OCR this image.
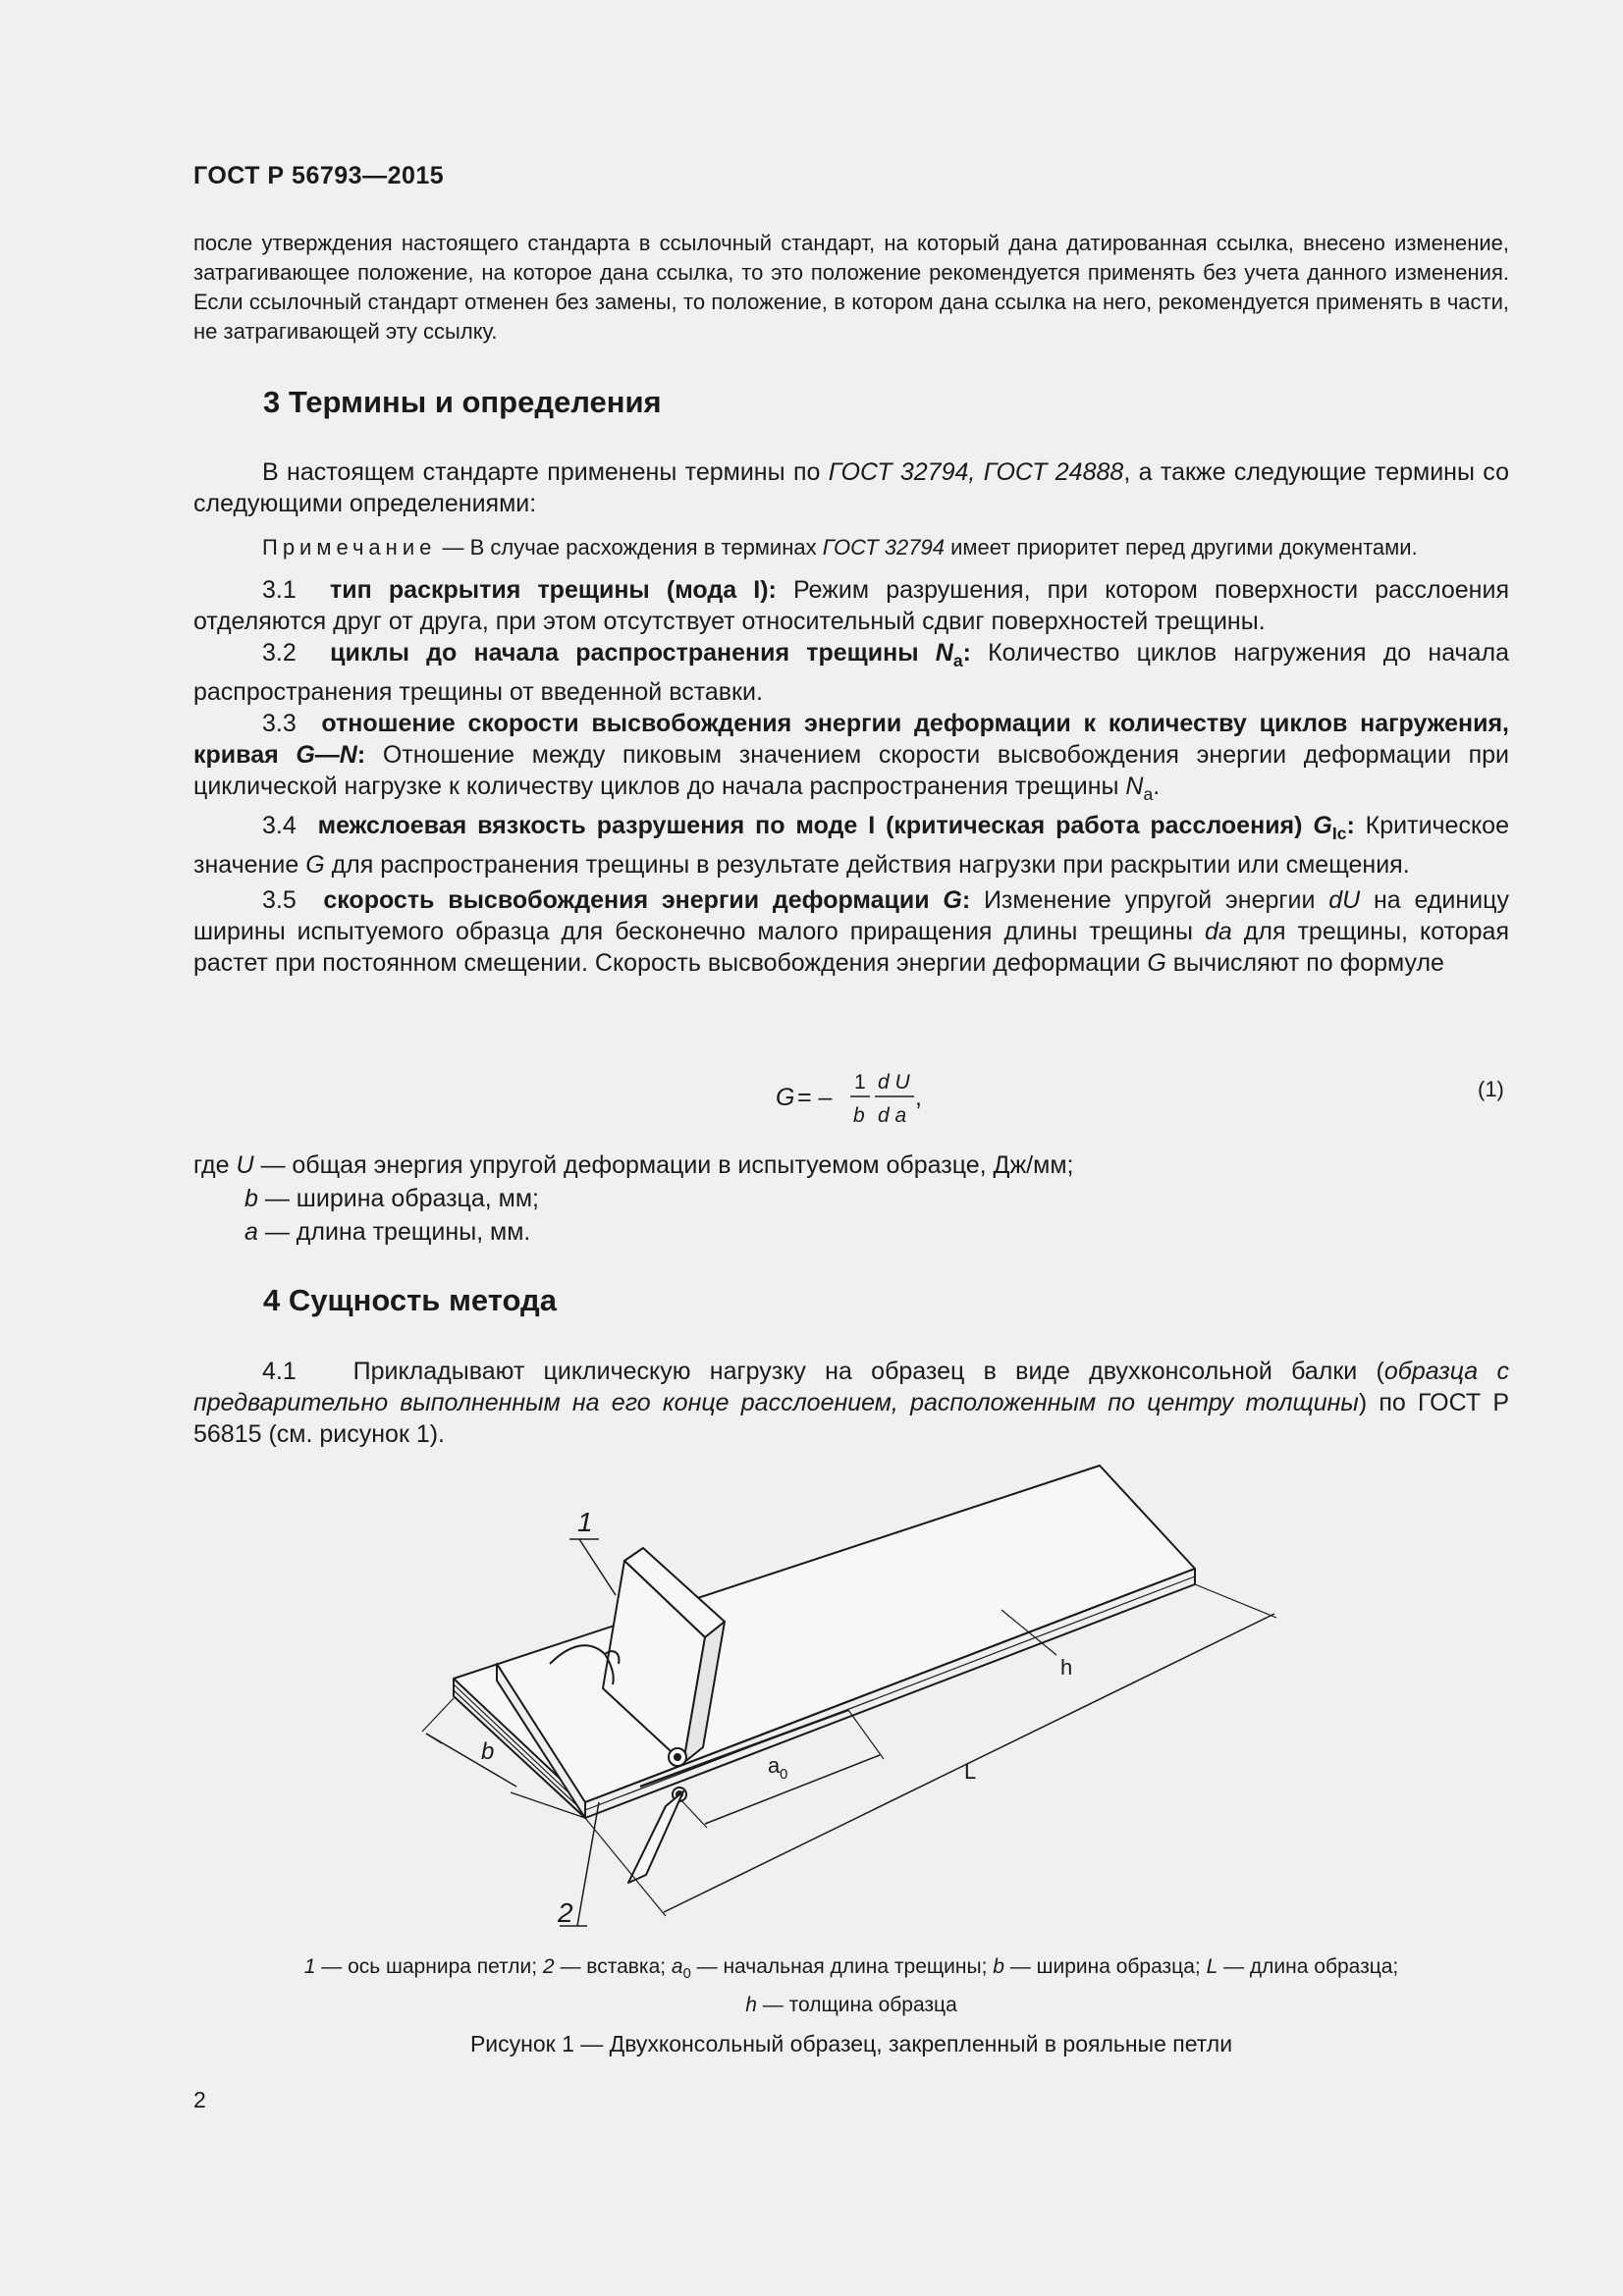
ГОСТ Р 56793—2015

после утверждения настоящего стандарта в ссылочный стандарт, на который дана датированная ссылка, внесено изменение, затрагивающее положение, на которое дана ссылка, то это положение рекомендуется применять без учета данного изменения. Если ссылочный стандарт отменен без замены, то положение, в котором дана ссылка на него, рекомендуется применять в части, не затрагивающей эту ссылку.

3 Термины и определения

В настоящем стандарте применены термины по ГОСТ 32794, ГОСТ 24888, а также следующие термины со следующими определениями:

Примечание — В случае расхождения в терминах ГОСТ 32794 имеет приоритет перед другими документами.

3.1 тип раскрытия трещины (мода I): Режим разрушения, при котором поверхности расслоения отделяются друг от друга, при этом отсутствует относительный сдвиг поверхностей трещины.

3.2 циклы до начала распространения трещины $N_a$: Количество циклов нагружения до начала распространения трещины от введенной вставки.

3.3 отношение скорости высвобождения энергии деформации к количеству циклов нагружения, кривая G—N: Отношение между пиковым значением скорости высвобождения энергии деформации при циклической нагрузке к количеству циклов до начала распространения трещины $N_a$.

3.4 межслоевая вязкость разрушения по моде I (критическая работа расслоения) $G_{Ic}$: Критическое значение G для распространения трещины в результате действия нагрузки при раскрытии или смещения.

3.5 скорость высвобождения энергии деформации G: Изменение упругой энергии dU на единицу ширины испытуемого образца для бесконечно малого приращения длины трещины da для трещины, которая растет при постоянном смещении. Скорость высвобождения энергии деформации G вычисляют по формуле

G = –
1
b
d U
d a
,	(1)

где U — общая энергия упругой деформации в испытуемом образце, Дж/мм;

b — ширина образца, мм;

a — длина трещины, мм.

4 Сущность метода

4.1   Прикладывают циклическую нагрузку на образец в виде двухконсольной балки (образца с предварительно выполненным на его конце расслоением, расположенным по центру толщины) по ГОСТ Р 56815 (см. рисунок 1).

1
2
b
a 0	L
h
1 — ось шарнира петли; 2 — вставка; $a_0$ — начальная длина трещины; b — ширина образца; L — длина образца;
h — толщина образца
Рисунок 1 — Двухконсольный образец, закрепленный в рояльные петли
2
